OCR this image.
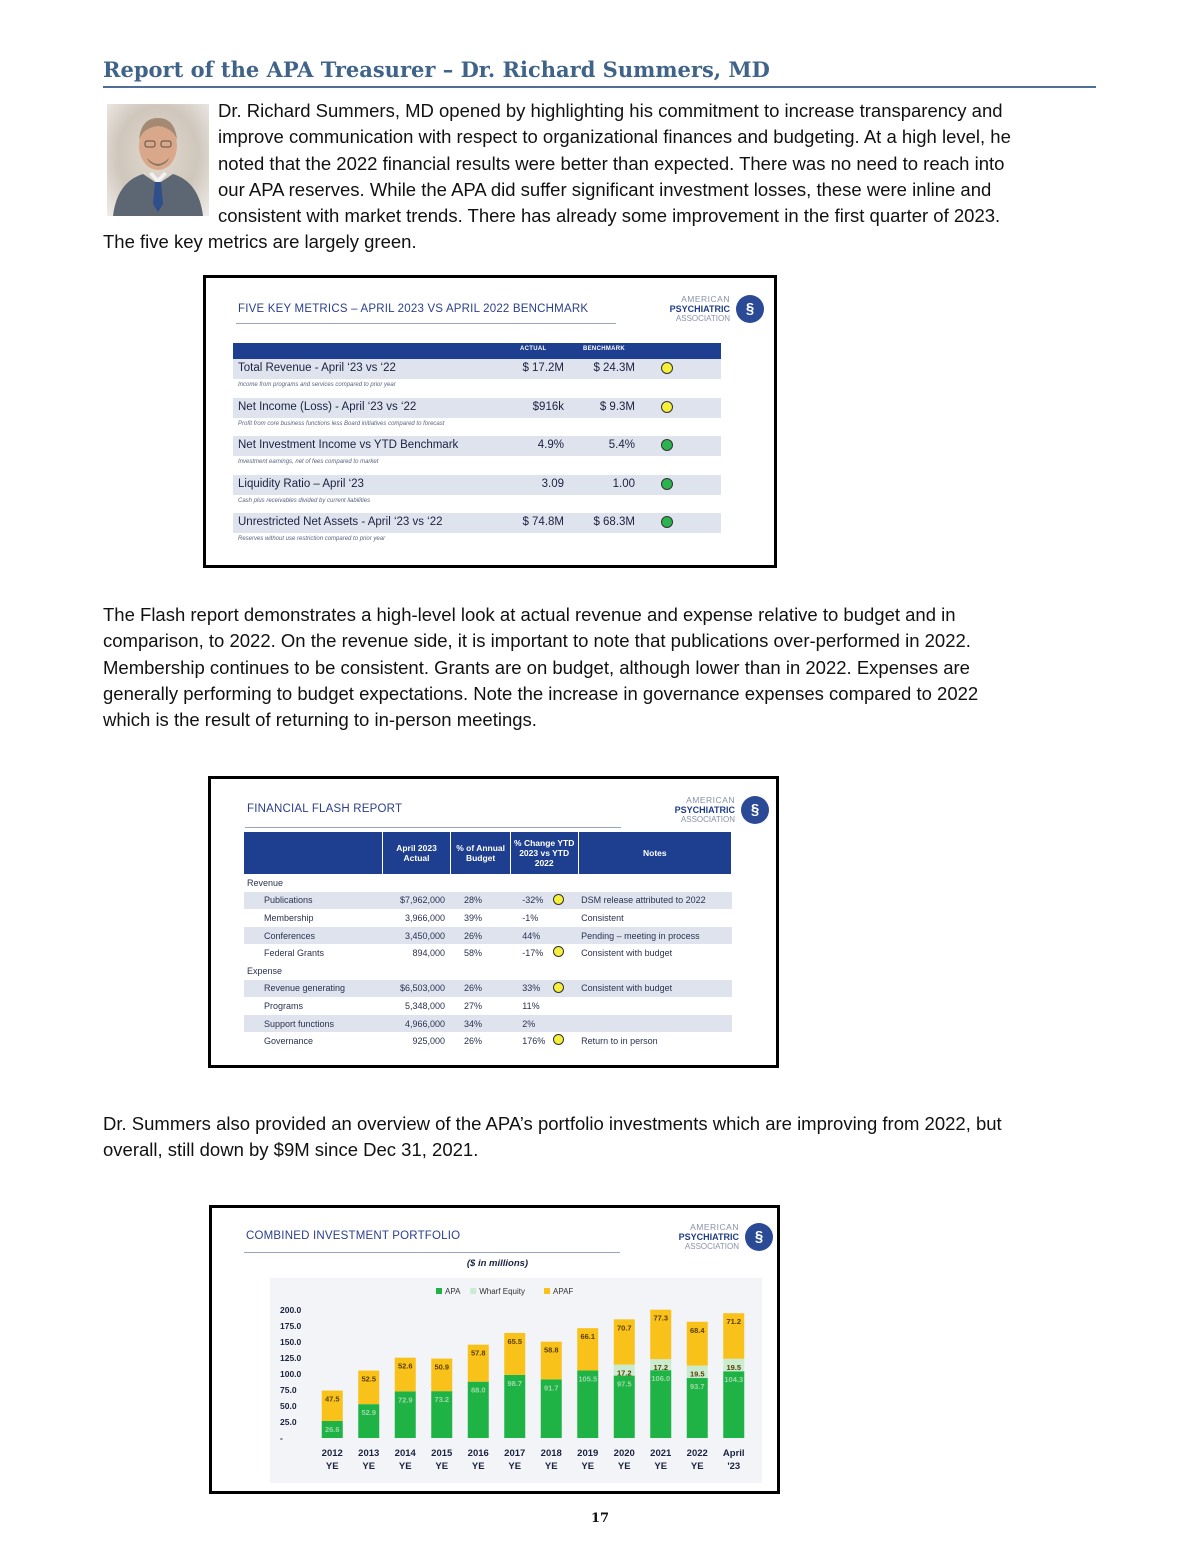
Report of the APA Treasurer – Dr. Richard Summers, MD

Dr. Richard Summers, MD opened by highlighting his commitment to increase transparency and

improve communication with respect to organizational finances and budgeting. At a high level, he

noted that the 2022 financial results were better than expected. There was no need to reach into

our APA reserves. While the APA did suffer significant investment losses, these were inline and

consistent with market trends. There has already some improvement in the first quarter of 2023.

The five key metrics are largely green.

FIVE KEY METRICS – APRIL 2023 VS APRIL 2022 BENCHMARK
AMERICAN
PSYCHIATRIC
ASSOCIATION
§
ACTUAL	BENCHMARK
Total Revenue - April ‘23 vs ‘22
Income from programs and services compared to prior year
$ 17.2M	$ 24.3M
Net Income (Loss) - April ‘23 vs ‘22
Profit from core business functions less Board initiatives compared to forecast
$916k	$ 9.3M
Net Investment Income vs YTD Benchmark
Investment earnings, net of fees compared to market
4.9%	5.4%
Liquidity Ratio – April ‘23
Cash plus receivables divided by current liabilities
3.09	1.00
Unrestricted Net Assets - April ‘23 vs ‘22
Reserves without use restriction compared to prior year
$ 74.8M	$ 68.3M

The Flash report demonstrates a high-level look at actual revenue and expense relative to budget and in

comparison, to 2022. On the revenue side, it is important to note that publications over-performed in 2022.

Membership continues to be consistent. Grants are on budget, although lower than in 2022. Expenses are

generally performing to budget expectations. Note the increase in governance expenses compared to 2022

which is the result of returning to in-person meetings.

FINANCIAL FLASH REPORT
AMERICAN
PSYCHIATRIC
ASSOCIATION
§
	April 2023 Actual	% of Annual Budget	% Change YTD 2023 vs YTD 2022	Notes
Revenue				
Publications	$7,962,000	28%	-32%	DSM release attributed to 2022
Membership	3,966,000	39%	-1%	Consistent
Conferences	3,450,000	26%	44%	Pending – meeting in process
Federal Grants	894,000	58%	-17%	Consistent with budget
Expense				
Revenue generating	$6,503,000	26%	33%	Consistent with budget
Programs	5,348,000	27%	11%	
Support functions	4,966,000	34%	2%	
Governance	925,000	26%	176%	Return to in person

Dr. Summers also provided an overview of the APA’s portfolio investments which are improving from 2022, but

overall, still down by $9M since Dec 31, 2021.

COMBINED INVESTMENT PORTFOLIO
AMERICAN
PSYCHIATRIC
ASSOCIATION
§
($ in millions)
APA Wharf Equity	APAF
200.0
175.0
150.0
125.0
100.0
75.0
50.0
25.0
-
26.6
47.5
2012
YE
52.9
52.5
2013
YE
72.9
52.6
2014
YE
73.2
50.9
2015
YE
88.0
57.8
2016
YE
98.7
65.5
2017
YE
91.7
58.8
2018
YE
105.5
66.1
2019
YE
97.5
17.2
70.7
2020
YE
106.0
17.2
77.3
2021
YE
93.7
19.5
68.4
2022
YE
104.3
19.5
71.2
April
'23
17
